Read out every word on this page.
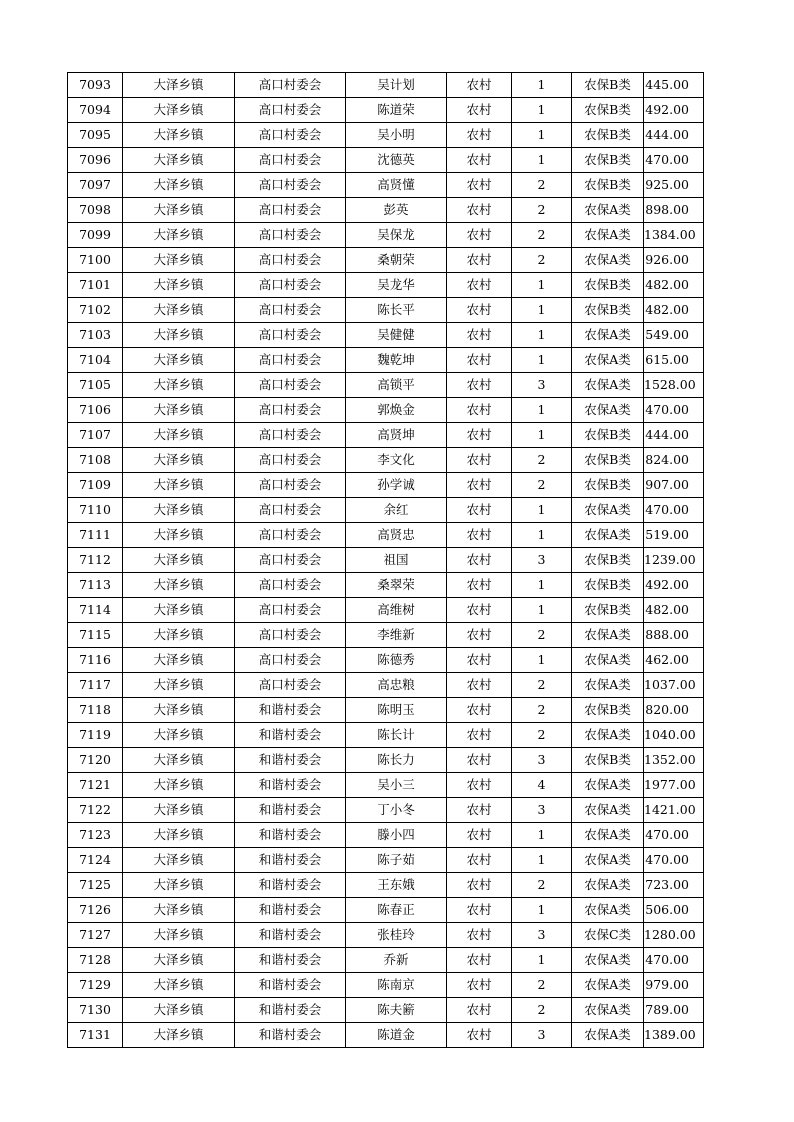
7093	大泽乡镇	高口村委会	吴计划	农村	1	农保B类	445.00
7094	大泽乡镇	高口村委会	陈道荣	农村	1	农保B类	492.00
7095	大泽乡镇	高口村委会	吴小明	农村	1	农保B类	444.00
7096	大泽乡镇	高口村委会	沈德英	农村	1	农保B类	470.00
7097	大泽乡镇	高口村委会	高贤懂	农村	2	农保B类	925.00
7098	大泽乡镇	高口村委会	彭英	农村	2	农保A类	898.00
7099	大泽乡镇	高口村委会	吴保龙	农村	2	农保A类	1384.00
7100	大泽乡镇	高口村委会	桑朝荣	农村	2	农保A类	926.00
7101	大泽乡镇	高口村委会	吴龙华	农村	1	农保B类	482.00
7102	大泽乡镇	高口村委会	陈长平	农村	1	农保B类	482.00
7103	大泽乡镇	高口村委会	吴健健	农村	1	农保A类	549.00
7104	大泽乡镇	高口村委会	魏乾坤	农村	1	农保A类	615.00
7105	大泽乡镇	高口村委会	高锁平	农村	3	农保A类	1528.00
7106	大泽乡镇	高口村委会	郭焕金	农村	1	农保A类	470.00
7107	大泽乡镇	高口村委会	高贤坤	农村	1	农保B类	444.00
7108	大泽乡镇	高口村委会	李文化	农村	2	农保B类	824.00
7109	大泽乡镇	高口村委会	孙学诚	农村	2	农保B类	907.00
7110	大泽乡镇	高口村委会	余红	农村	1	农保A类	470.00
7111	大泽乡镇	高口村委会	高贤忠	农村	1	农保A类	519.00
7112	大泽乡镇	高口村委会	祖国	农村	3	农保B类	1239.00
7113	大泽乡镇	高口村委会	桑翠荣	农村	1	农保B类	492.00
7114	大泽乡镇	高口村委会	高维树	农村	1	农保B类	482.00
7115	大泽乡镇	高口村委会	李维新	农村	2	农保A类	888.00
7116	大泽乡镇	高口村委会	陈德秀	农村	1	农保A类	462.00
7117	大泽乡镇	高口村委会	高忠粮	农村	2	农保A类	1037.00
7118	大泽乡镇	和谐村委会	陈明玉	农村	2	农保B类	820.00
7119	大泽乡镇	和谐村委会	陈长计	农村	2	农保A类	1040.00
7120	大泽乡镇	和谐村委会	陈长力	农村	3	农保B类	1352.00
7121	大泽乡镇	和谐村委会	吴小三	农村	4	农保A类	1977.00
7122	大泽乡镇	和谐村委会	丁小冬	农村	3	农保A类	1421.00
7123	大泽乡镇	和谐村委会	滕小四	农村	1	农保A类	470.00
7124	大泽乡镇	和谐村委会	陈子茹	农村	1	农保A类	470.00
7125	大泽乡镇	和谐村委会	王东娥	农村	2	农保A类	723.00
7126	大泽乡镇	和谐村委会	陈春正	农村	1	农保A类	506.00
7127	大泽乡镇	和谐村委会	张桂玲	农村	3	农保C类	1280.00
7128	大泽乡镇	和谐村委会	乔新	农村	1	农保A类	470.00
7129	大泽乡镇	和谐村委会	陈南京	农村	2	农保A类	979.00
7130	大泽乡镇	和谐村委会	陈夫簖	农村	2	农保A类	789.00
7131	大泽乡镇	和谐村委会	陈道金	农村	3	农保A类	1389.00
